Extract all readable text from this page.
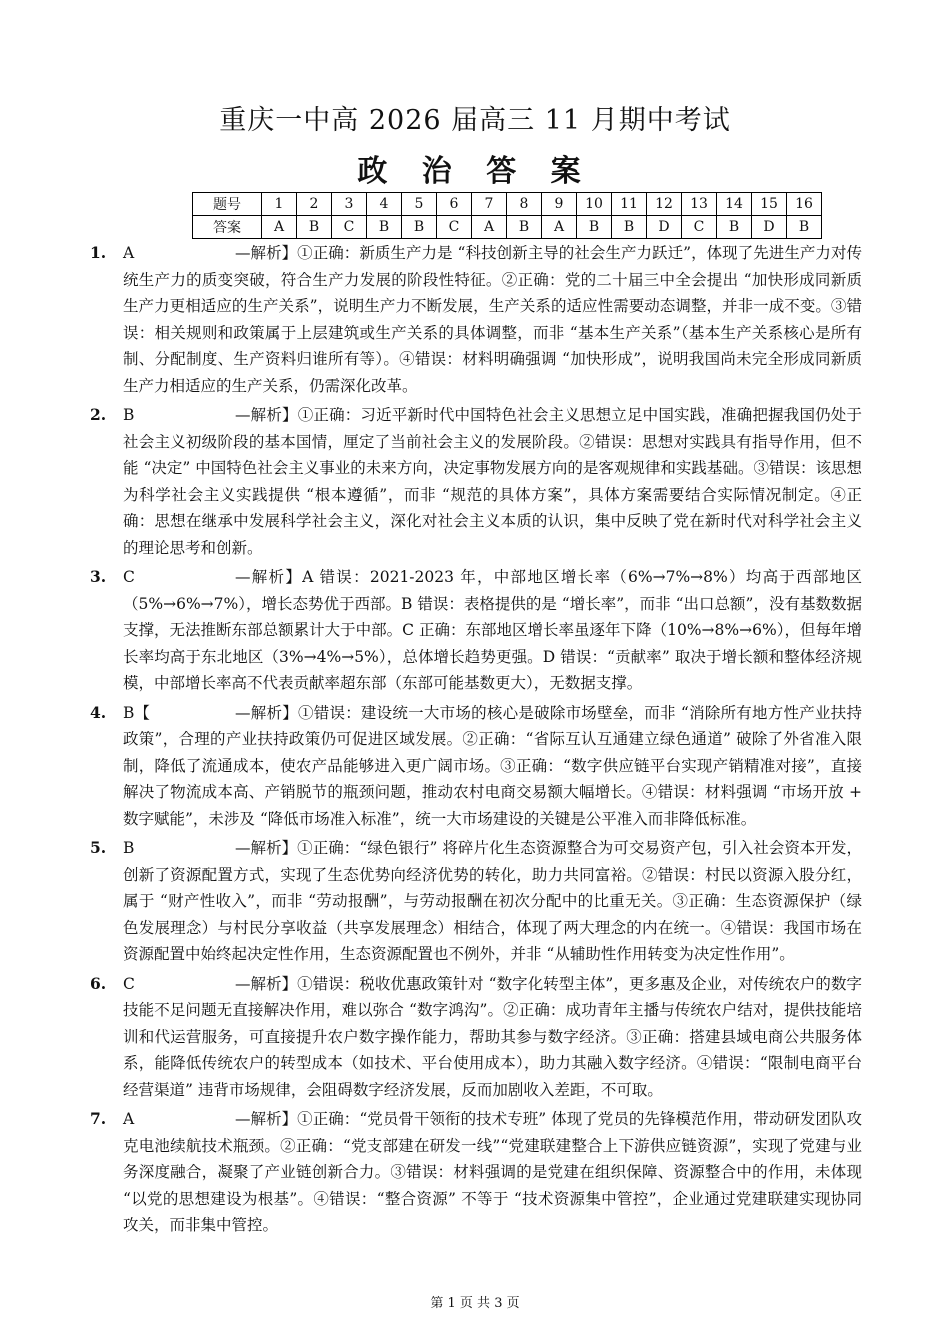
重庆一中高 2026 届高三 11 月期中考试
政 治 答 案
题号	1	2	3	4	5	6	7	8	9	10	11	12	13	14	15	16
答案	A	B	C	B	B	C	A	B	A	B	B	D	C	B	D	B
1. A	—解析】①正确：新质生产力是 “科技创新主导的社会生产力跃迁”，体现了先进生产力对传统生产力的质变突破，符合生产力发展的阶段性特征。②正确：党的二十届三中全会提出 “加快形成同新质生产力更相适应的生产关系”，说明生产力不断发展，生产关系的适应性需要动态调整，并非一成不变。③错误：相关规则和政策属于上层建筑或生产关系的具体调整，而非 “基本生产关系”（基本生产关系核心是所有制、分配制度、生产资料归谁所有等）。④错误：材料明确强调 “加快形成”，说明我国尚未完全形成同新质生产力相适应的生产关系，仍需深化改革。
2. B	—解析】①正确：习近平新时代中国特色社会主义思想立足中国实践，准确把握我国仍处于社会主义初级阶段的基本国情，厘定了当前社会主义的发展阶段。②错误：思想对实践具有指导作用，但不能 “决定” 中国特色社会主义事业的未来方向，决定事物发展方向的是客观规律和实践基础。③错误：该思想为科学社会主义实践提供 “根本遵循”，而非 “规范的具体方案”，具体方案需要结合实际情况制定。④正确：思想在继承中发展科学社会主义，深化对社会主义本质的认识，集中反映了党在新时代对科学社会主义的理论思考和创新。
3. C	—解析】A 错误：2021-2023 年，中部地区增长率（6%→7%→8%）均高于西部地区（5%→6%→7%），增长态势优于西部。B 错误：表格提供的是 “增长率”，而非 “出口总额”，没有基数数据支撑，无法推断东部总额累计大于中部。C 正确：东部地区增长率虽逐年下降（10%→8%→6%），但每年增长率均高于东北地区（3%→4%→5%），总体增长趋势更强。D 错误：“贡献率” 取决于增长额和整体经济规模，中部增长率高不代表贡献率超东部（东部可能基数更大），无数据支撑。
4. B【	—解析】①错误：建设统一大市场的核心是破除市场壁垒，而非 “消除所有地方性产业扶持政策”，合理的产业扶持政策仍可促进区域发展。②正确：“省际互认互通建立绿色通道” 破除了外省准入限制，降低了流通成本，使农产品能够进入更广阔市场。③正确：“数字供应链平台实现产销精准对接”，直接解决了物流成本高、产销脱节的瓶颈问题，推动农村电商交易额大幅增长。④错误：材料强调 “市场开放 + 数字赋能”，未涉及 “降低市场准入标准”，统一大市场建设的关键是公平准入而非降低标准。
5. B	—解析】①正确：“绿色银行” 将碎片化生态资源整合为可交易资产包，引入社会资本开发，创新了资源配置方式，实现了生态优势向经济优势的转化，助力共同富裕。②错误：村民以资源入股分红，属于 “财产性收入”，而非 “劳动报酬”，与劳动报酬在初次分配中的比重无关。③正确：生态资源保护（绿色发展理念）与村民分享收益（共享发展理念）相结合，体现了两大理念的内在统一。④错误：我国市场在资源配置中始终起决定性作用，生态资源配置也不例外，并非 “从辅助性作用转变为决定性作用”。
6. C	—解析】①错误：税收优惠政策针对 “数字化转型主体”，更多惠及企业，对传统农户的数字技能不足问题无直接解决作用，难以弥合 “数字鸿沟”。②正确：成功青年主播与传统农户结对，提供技能培训和代运营服务，可直接提升农户数字操作能力，帮助其参与数字经济。③正确：搭建县域电商公共服务体系，能降低传统农户的转型成本（如技术、平台使用成本），助力其融入数字经济。④错误：“限制电商平台经营渠道” 违背市场规律，会阻碍数字经济发展，反而加剧收入差距，不可取。
7. A	—解析】①正确：“党员骨干领衔的技术专班” 体现了党员的先锋模范作用，带动研发团队攻克电池续航技术瓶颈。②正确：“党支部建在研发一线”“党建联建整合上下游供应链资源”，实现了党建与业务深度融合，凝聚了产业链创新合力。③错误：材料强调的是党建在组织保障、资源整合中的作用，未体现 “以党的思想建设为根基”。④错误：“整合资源” 不等于 “技术资源集中管控”，企业通过党建联建实现协同攻关，而非集中管控。
第 1 页 共 3 页
